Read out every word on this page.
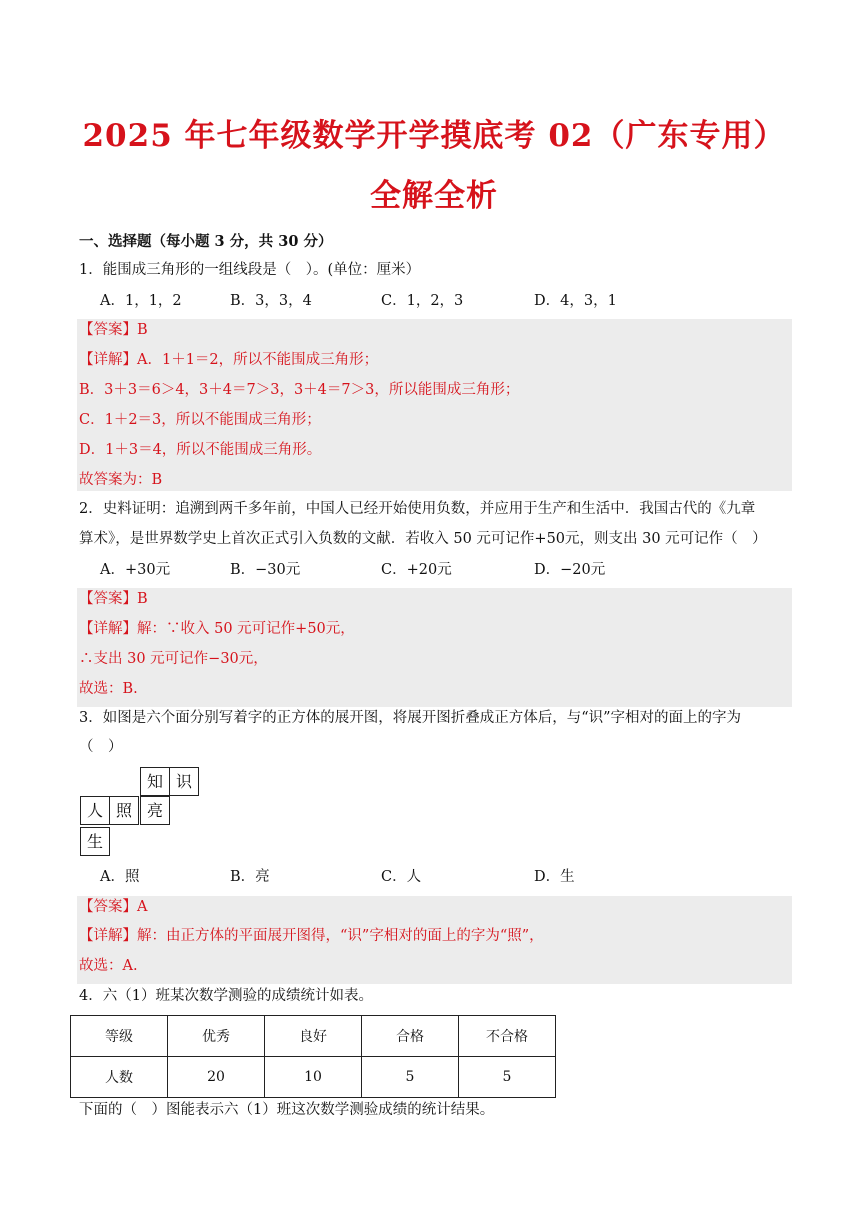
2025 年七年级数学开学摸底考 02（广东专用）
全解全析
一、选择题（每小题 3 分，共 30 分）
1．能围成三角形的一组线段是（　）。(单位：厘米）
A．1，1，2	B．3，3，4	C．1，2，3	D．4，3，1
【答案】B
【详解】A．1＋1＝2，所以不能围成三角形；
B．3＋3＝6＞4，3＋4＝7＞3，3＋4＝7＞3，所以能围成三角形；
C．1＋2＝3，所以不能围成三角形；
D．1＋3＝4，所以不能围成三角形。
故答案为：B
2．史料证明：追溯到两千多年前，中国人已经开始使用负数，并应用于生产和生活中．我国古代的《九章
算术》，是世界数学史上首次正式引入负数的文献．若收入 50 元可记作+50元，则支出 30 元可记作（　）
A．+30元	B．−30元	C．+20元	D．−20元
【答案】B
【详解】解：∵收入 50 元可记作+50元，
∴支出 30 元可记作−30元，
故选：B.
3．如图是六个面分别写着字的正方体的展开图，将展开图折叠成正方体后，与“识”字相对的面上的字为
（　）
知 识
人 照 亮
生
A．照	B．亮	C．人	D．生
【答案】A
【详解】解：由正方体的平面展开图得，“识”字相对的面上的字为“照”，
故选：A.
4．六（1）班某次数学测验的成绩统计如表。
等级	优秀	良好	合格	不合格
人数	20	10	5	5
下面的（　）图能表示六（1）班这次数学测验成绩的统计结果。
